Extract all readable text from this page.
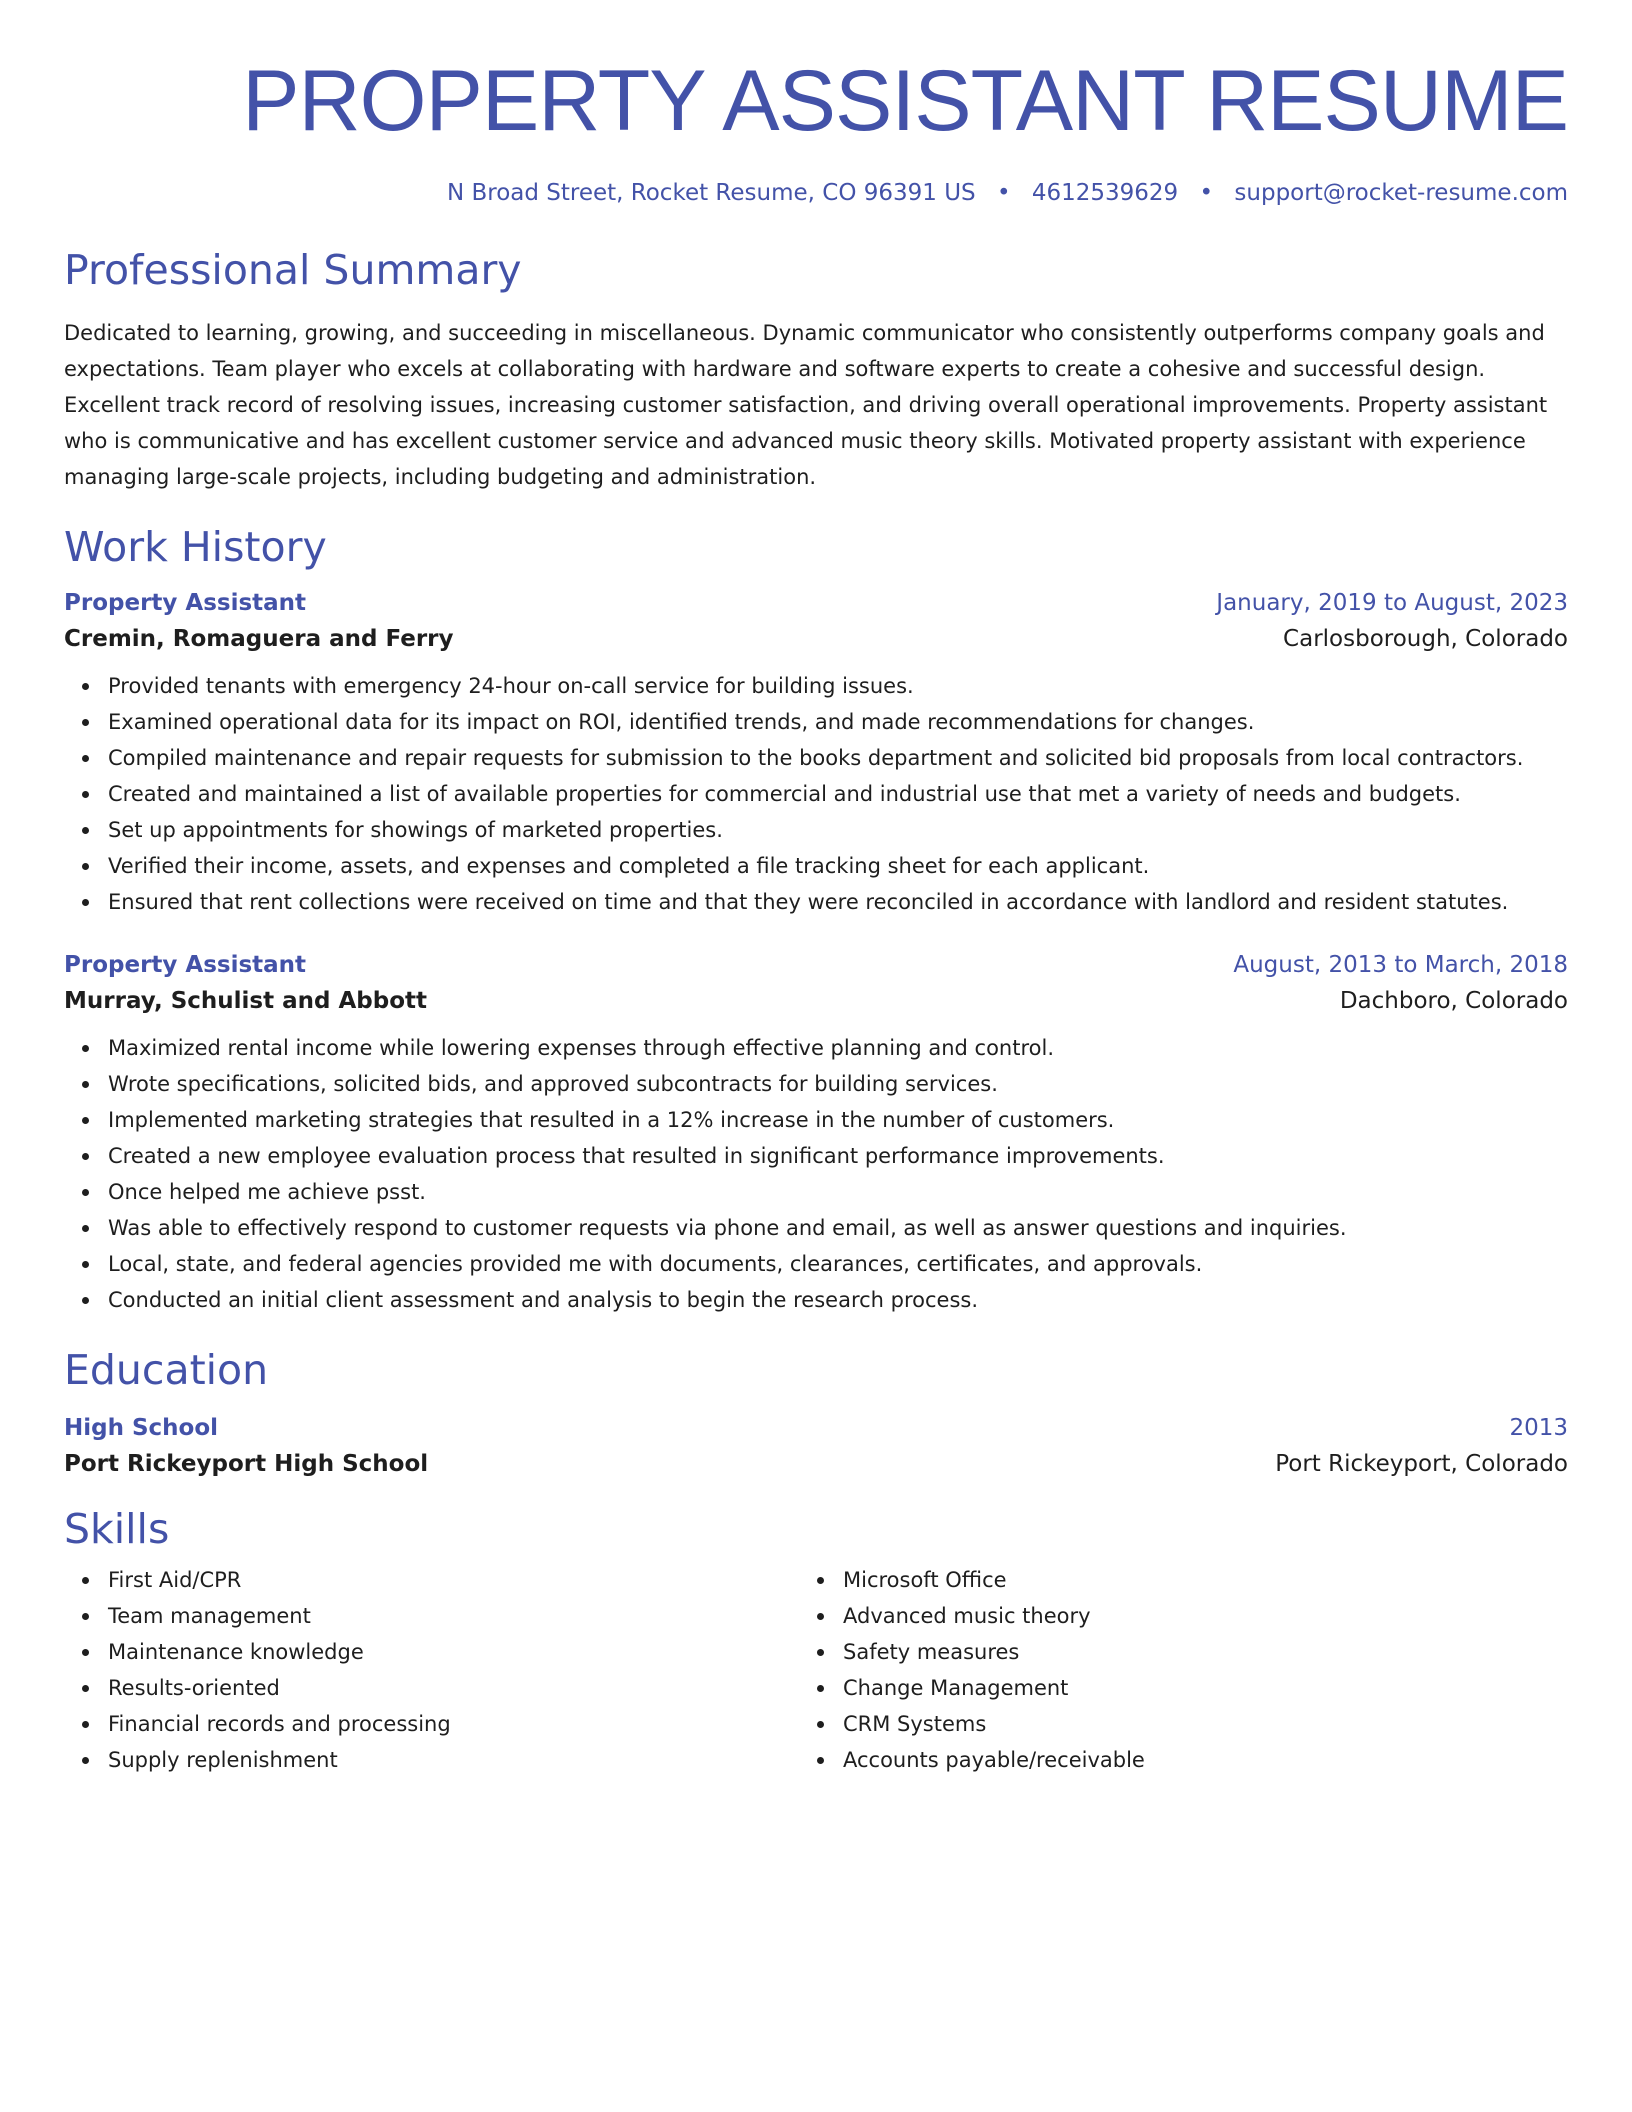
PROPERTY ASSISTANT RESUME
N Broad Street, Rocket Resume, CO 96391 US • 4612539629 • support@rocket-resume.com
Professional Summary

Dedicated to learning, growing, and succeeding in miscellaneous. Dynamic communicator who consistently outperforms company goals and expectations. Team player who excels at collaborating with hardware and software experts to create a cohesive and successful design. Excellent track record of resolving issues, increasing customer satisfaction, and driving overall operational improvements. Property assistant who is communicative and has excellent customer service and advanced music theory skills. Motivated property assistant with experience managing large-scale projects, including budgeting and administration.

Work History
Property Assistant	January, 2019 to August, 2023
Cremin, Romaguera and Ferry	Carlosborough, Colorado
Provided tenants with emergency 24-hour on-call service for building issues.
Examined operational data for its impact on ROI, identified trends, and made recommendations for changes.
Compiled maintenance and repair requests for submission to the books department and solicited bid proposals from local contractors.
Created and maintained a list of available properties for commercial and industrial use that met a variety of needs and budgets.
Set up appointments for showings of marketed properties.
Verified their income, assets, and expenses and completed a file tracking sheet for each applicant.
Ensured that rent collections were received on time and that they were reconciled in accordance with landlord and resident statutes.
Property Assistant	August, 2013 to March, 2018
Murray, Schulist and Abbott	Dachboro, Colorado
Maximized rental income while lowering expenses through effective planning and control.
Wrote specifications, solicited bids, and approved subcontracts for building services.
Implemented marketing strategies that resulted in a 12% increase in the number of customers.
Created a new employee evaluation process that resulted in significant performance improvements.
Once helped me achieve psst.
Was able to effectively respond to customer requests via phone and email, as well as answer questions and inquiries.
Local, state, and federal agencies provided me with documents, clearances, certificates, and approvals.
Conducted an initial client assessment and analysis to begin the research process.
Education
High School	2013
Port Rickeyport High School	Port Rickeyport, Colorado
Skills
First Aid/CPR
Team management
Maintenance knowledge
Results-oriented
Financial records and processing
Supply replenishment
Microsoft Office
Advanced music theory
Safety measures
Change Management
CRM Systems
Accounts payable/receivable
